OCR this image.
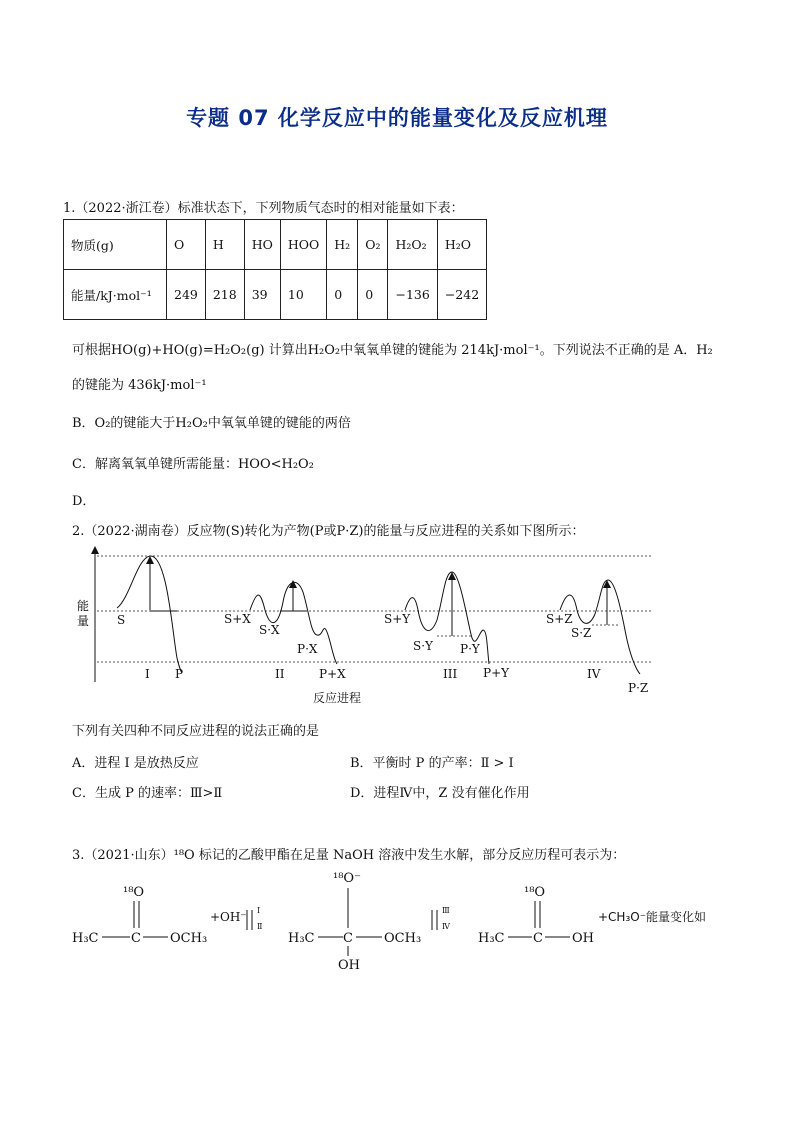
专题 07 化学反应中的能量变化及反应机理
1.（2022·浙江卷）标准状态下，下列物质气态时的相对能量如下表：
物质(g)	O	H	HO	HOO	H₂	O₂	H₂O₂	H₂O
能量/kJ·mol⁻¹	249	218	39	10	0	0	−136	−242
可根据HO(g)+HO(g)=H₂O₂(g) 计算出H₂O₂中氧氧单键的键能为 214kJ·mol⁻¹。下列说法不正确的是 A．H₂
的键能为 436kJ·mol⁻¹
B．O₂的键能大于H₂O₂中氧氧单键的键能的两倍
C．解离氧氧单键所需能量：HOO<H₂O₂
D．
2.（2022·湖南卷）反应物(S)转化为产物(P或P·Z)的能量与反应进程的关系如下图所示：
能 量	S
I P
S+X
S·X
P·X
II	P+X
S+Y
S·Y P·Y
III P+Y
S+Z
S·Z
IV
P·Z
反应进程
下列有关四种不同反应进程的说法正确的是
A．进程 I 是放热反应	B．平衡时 P 的产率：Ⅱ > Ⅰ
C．生成 P 的速率：Ⅲ>Ⅱ	D．进程Ⅳ中，Z 没有催化作用
3.（2021·山东）¹⁸O 标记的乙酸甲酯在足量 NaOH 溶液中发生水解，部分反应历程可表示为：
¹⁸O
H₃C	C OCH₃
+OH⁻ Ⅰ
Ⅱ
¹⁸O⁻
H₃C C OCH₃
OH
Ⅲ
Ⅳ
¹⁸O
H₃C C OH
+CH₃O⁻能量变化如
